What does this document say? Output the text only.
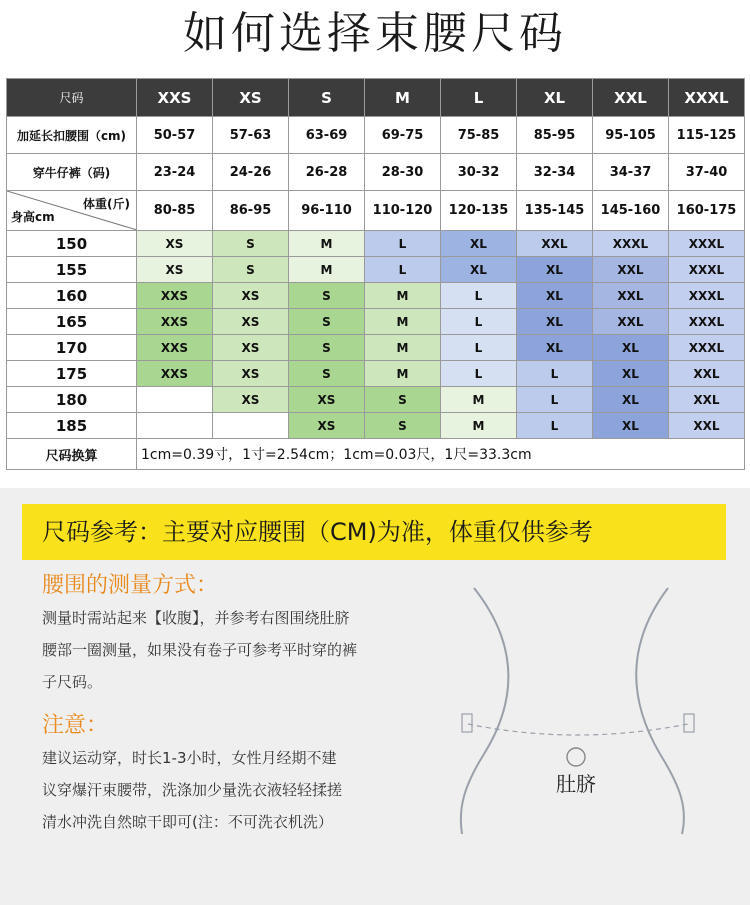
如何选择束腰尺码
尺码	XXS	XS	S	M	L	XL	XXL	XXXL
加延长扣腰围（cm)	50-57	57-63	63-69	69-75	75-85	85-95	95-105	115-125
穿牛仔裤（码)	23-24	24-26	26-28	28-30	30-32	32-34	34-37	37-40

体重(斤)
身高cm	80-85	86-95	96-110	110-120	120-135	135-145	145-160	160-175
150	XS	S	M	L	XL	XXL	XXXL	XXXL
155	XS	S	M	L	XL	XL	XXL	XXXL
160	XXS	XS	S	M	L	XL	XXL	XXXL
165	XXS	XS	S	M	L	XL	XXL	XXXL
170	XXS	XS	S	M	L	XL	XL	XXXL
175	XXS	XS	S	M	L	L	XL	XXL
180		XS	XS	S	M	L	XL	XXL
185			XS	S	M	L	XL	XXL
尺码换算	1cm=0.39寸，1寸=2.54cm；1cm=0.03尺，1尺=33.3cm							
尺码参考：主要对应腰围（CM)为准，体重仅供参考
腰围的测量方式：
测量时需站起来【收腹】，并参考右图围绕肚脐
腰部一圈测量，如果没有卷子可参考平时穿的裤
子尺码。
注意：
建议运动穿，时长1-3小时，女性月经期不建
议穿爆汗束腰带，洗涤加少量洗衣液轻轻揉搓
清水冲洗自然晾干即可(注：不可洗衣机洗）
肚脐
